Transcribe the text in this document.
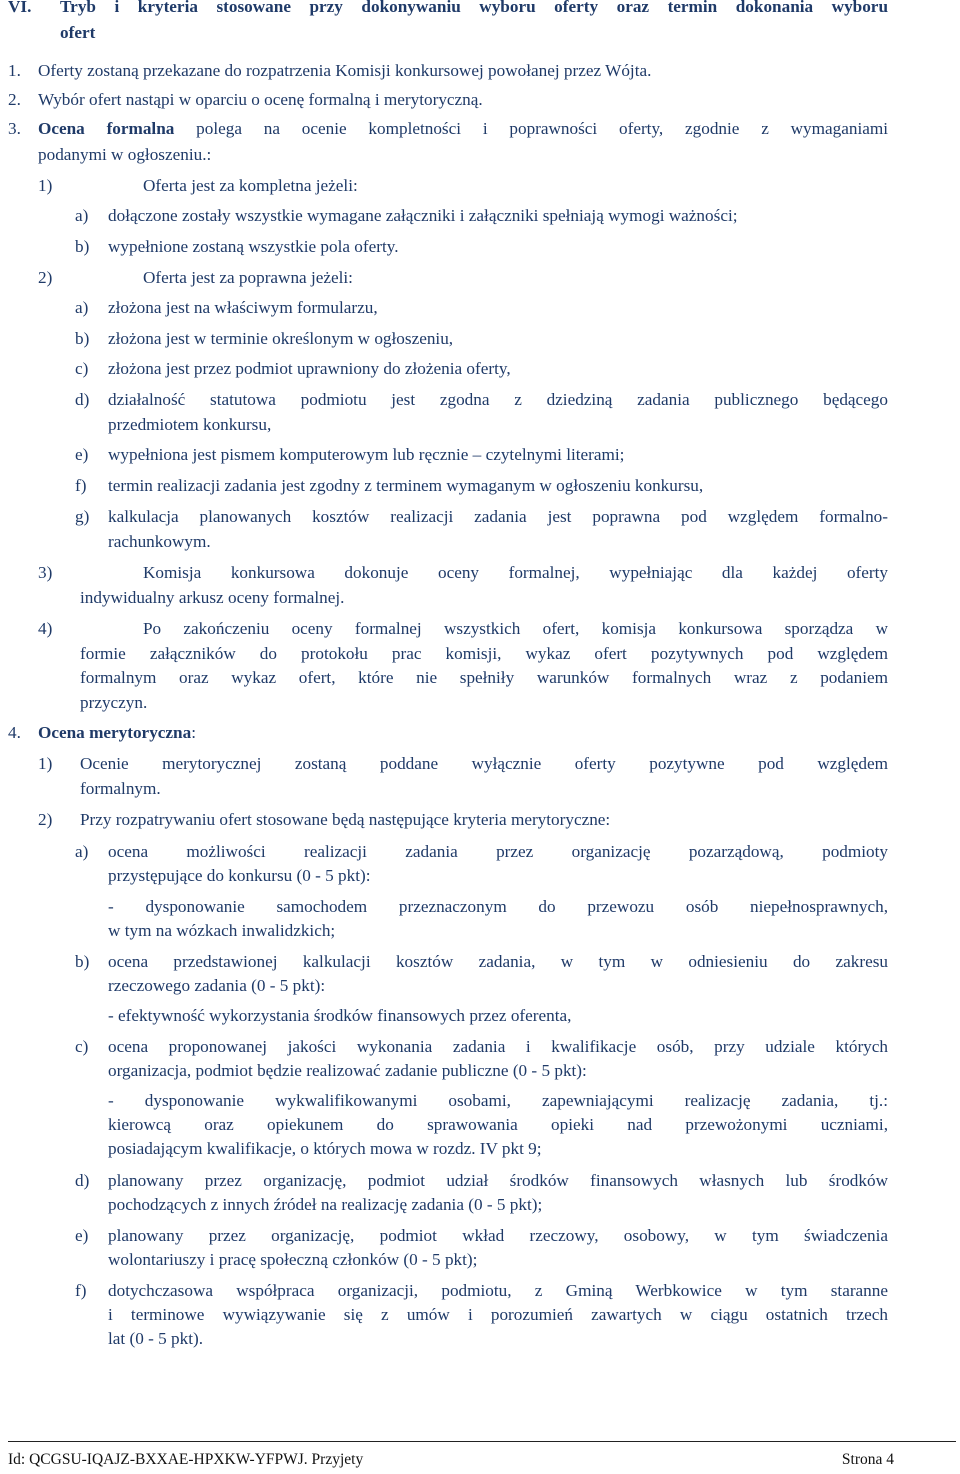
VI. Tryb i kryteria stosowane przy dokonywaniu wyboru oferty oraz termin dokonania wyboru
ofert
1. Oferty zostaną przekazane do rozpatrzenia Komisji konkursowej powołanej przez Wójta.
2. Wybór ofert nastąpi w oparciu o ocenę formalną i merytoryczną.
3. Ocena formalna polega na ocenie kompletności i poprawności oferty, zgodnie z wymaganiami
podanymi w ogłoszeniu.:
1)	Oferta jest za kompletna jeżeli:
a) dołączone zostały wszystkie wymagane załączniki i załączniki spełniają wymogi ważności;
b) wypełnione zostaną wszystkie pola oferty.
2)	Oferta jest za poprawna jeżeli:
a) złożona jest na właściwym formularzu,
b) złożona jest w terminie określonym w ogłoszeniu,
c) złożona jest przez podmiot uprawniony do złożenia oferty,
d) działalność statutowa podmiotu jest zgodna z dziedziną zadania publicznego będącego
przedmiotem konkursu,
e) wypełniona jest pismem komputerowym lub ręcznie – czytelnymi literami;
f) termin realizacji zadania jest zgodny z terminem wymaganym w ogłoszeniu konkursu,
g) kalkulacja planowanych kosztów realizacji zadania jest poprawna pod względem formalno-
rachunkowym.
3)	Komisja konkursowa dokonuje oceny formalnej, wypełniając dla każdej oferty
indywidualny arkusz oceny formalnej.
4)	Po zakończeniu oceny formalnej wszystkich ofert, komisja konkursowa sporządza w
formie załączników do protokołu prac komisji, wykaz ofert pozytywnych pod względem
formalnym oraz wykaz ofert, które nie spełniły warunków formalnych wraz z podaniem
przyczyn.
4. Ocena merytoryczna:
1) Ocenie merytorycznej zostaną poddane wyłącznie oferty pozytywne pod względem
formalnym.
2) Przy rozpatrywaniu ofert stosowane będą następujące kryteria merytoryczne:
a) ocena możliwości realizacji zadania przez organizację pozarządową, podmioty
przystępujące do konkursu (0 - 5 pkt):
- dysponowanie samochodem przeznaczonym do przewozu osób niepełnosprawnych,
w tym na wózkach inwalidzkich;
b) ocena przedstawionej kalkulacji kosztów zadania, w tym w odniesieniu do zakresu
rzeczowego zadania (0 - 5 pkt):
- efektywność wykorzystania środków finansowych przez oferenta,
c) ocena proponowanej jakości wykonania zadania i kwalifikacje osób, przy udziale których
organizacja, podmiot będzie realizować zadanie publiczne (0 - 5 pkt):
- dysponowanie wykwalifikowanymi osobami, zapewniającymi realizację zadania, tj.:
kierowcą oraz opiekunem do sprawowania opieki nad przewożonymi uczniami,
posiadającym kwalifikacje, o których mowa w rozdz. IV pkt 9;
d) planowany przez organizację, podmiot udział środków finansowych własnych lub środków
pochodzących z innych źródeł na realizację zadania (0 - 5 pkt);
e) planowany przez organizację, podmiot wkład rzeczowy, osobowy, w tym świadczenia
wolontariuszy i pracę społeczną członków (0 - 5 pkt);
f) dotychczasowa współpraca organizacji, podmiotu, z Gminą Werbkowice w tym staranne
i terminowe wywiązywanie się z umów i porozumień zawartych w ciągu ostatnich trzech
lat (0 - 5 pkt).
Id: QCGSU-IQAJZ-BXXAE-HPXKW-YFPWJ. Przyjety	Strona 4
